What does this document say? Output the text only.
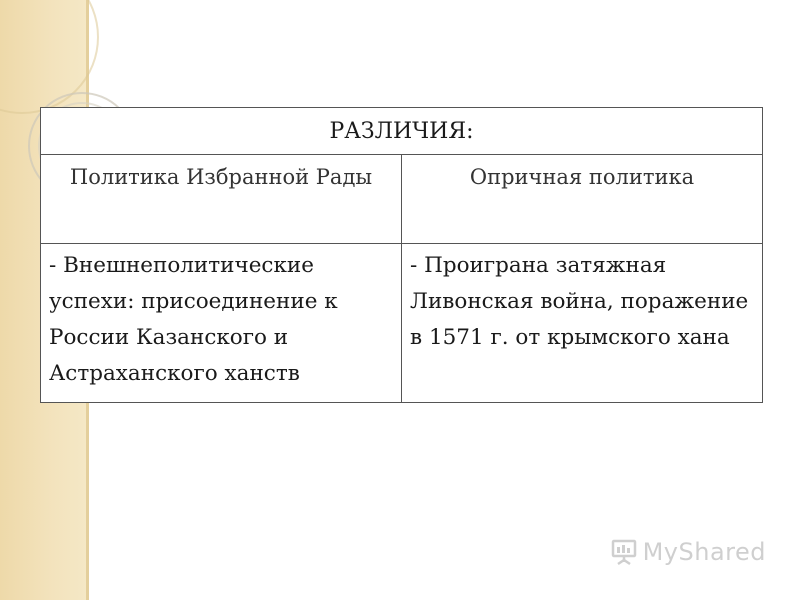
РАЗЛИЧИЯ:	
Политика Избранной Рады	Опричная политика
- Внешнеполитические успехи: присоединение к России Казанского и Астраханского ханств	- Проиграна затяжная Ливонская война, поражение в 1571 г. от крымского хана
MyShared
